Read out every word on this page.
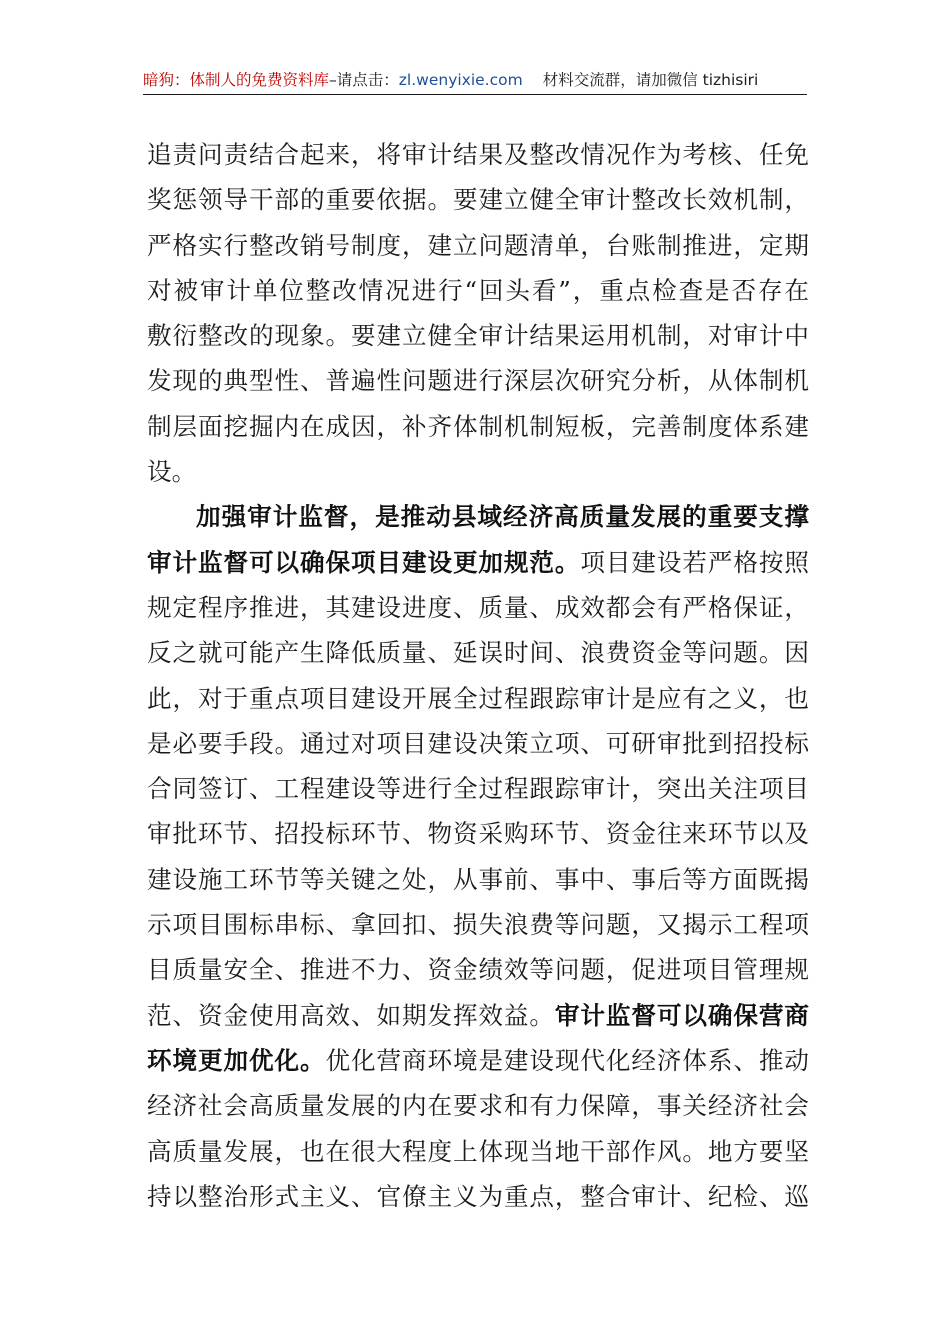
暗狗：体制人的免费资料库–请点击：zl.wenyixie.com 材料交流群，请加微信 tizhisiri
追责问责结合起来，将审计结果及整改情况作为考核、任免
奖惩领导干部的重要依据。要建立健全审计整改长效机制，
严格实行整改销号制度，建立问题清单，台账制推进，定期
对被审计单位整改情况进行“回头看”，重点检查是否存在
敷衍整改的现象。要建立健全审计结果运用机制，对审计中
发现的典型性、普遍性问题进行深层次研究分析，从体制机
制层面挖掘内在成因，补齐体制机制短板，完善制度体系建
设。
加强审计监督，是推动县域经济高质量发展的重要支撑
审计监督可以确保项目建设更加规范。项目建设若严格按照
规定程序推进，其建设进度、质量、成效都会有严格保证，
反之就可能产生降低质量、延误时间、浪费资金等问题。因
此，对于重点项目建设开展全过程跟踪审计是应有之义，也
是必要手段。通过对项目建设决策立项、可研审批到招投标
合同签订、工程建设等进行全过程跟踪审计，突出关注项目
审批环节、招投标环节、物资采购环节、资金往来环节以及
建设施工环节等关键之处，从事前、事中、事后等方面既揭
示项目围标串标、拿回扣、损失浪费等问题，又揭示工程项
目质量安全、推进不力、资金绩效等问题，促进项目管理规
范、资金使用高效、如期发挥效益。审计监督可以确保营商
环境更加优化。优化营商环境是建设现代化经济体系、推动
经济社会高质量发展的内在要求和有力保障，事关经济社会
高质量发展，也在很大程度上体现当地干部作风。地方要坚
持以整治形式主义、官僚主义为重点，整合审计、纪检、巡
